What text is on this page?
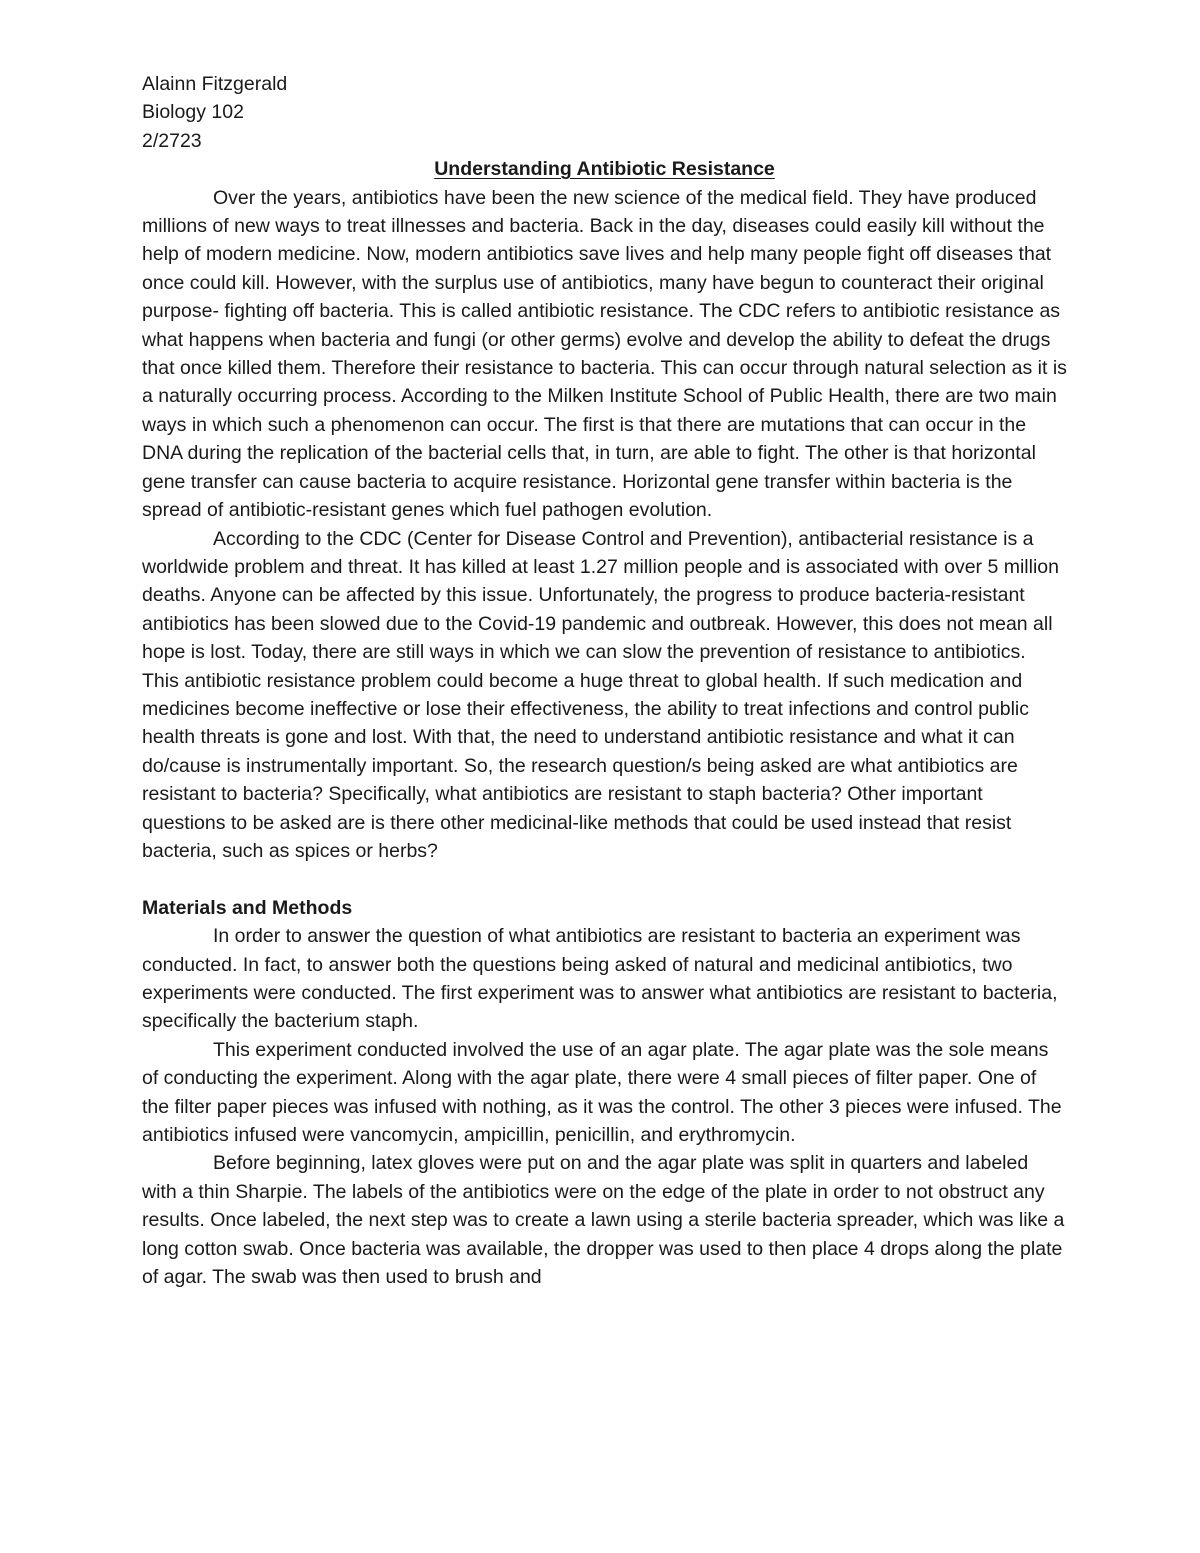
Alainn Fitzgerald

Biology 102

2/2723

Understanding Antibiotic Resistance

Over the years, antibiotics have been the new science of the medical field. They have produced millions of new ways to treat illnesses and bacteria. Back in the day, diseases could easily kill without the help of modern medicine. Now, modern antibiotics save lives and help many people fight off diseases that once could kill. However, with the surplus use of antibiotics, many have begun to counteract their original purpose- fighting off bacteria. This is called antibiotic resistance. The CDC refers to antibiotic resistance as what happens when bacteria and fungi (or other germs) evolve and develop the ability to defeat the drugs that once killed them. Therefore their resistance to bacteria. This can occur through natural selection as it is a naturally occurring process. According to the Milken Institute School of Public Health, there are two main ways in which such a phenomenon can occur. The first is that there are mutations that can occur in the DNA during the replication of the bacterial cells that, in turn, are able to fight. The other is that horizontal gene transfer can cause bacteria to acquire resistance. Horizontal gene transfer within bacteria is the spread of antibiotic-resistant genes which fuel pathogen evolution.

According to the CDC (Center for Disease Control and Prevention), antibacterial resistance is a worldwide problem and threat. It has killed at least 1.27 million people and is associated with over 5 million deaths. Anyone can be affected by this issue. Unfortunately, the progress to produce bacteria-resistant antibiotics has been slowed due to the Covid-19 pandemic and outbreak. However, this does not mean all hope is lost. Today, there are still ways in which we can slow the prevention of resistance to antibiotics. This antibiotic resistance problem could become a huge threat to global health. If such medication and medicines become ineffective or lose their effectiveness, the ability to treat infections and control public health threats is gone and lost. With that, the need to understand antibiotic resistance and what it can do/cause is instrumentally important. So, the research question/s being asked are what antibiotics are resistant to bacteria? Specifically, what antibiotics are resistant to staph bacteria? Other important questions to be asked are is there other medicinal-like methods that could be used instead that resist bacteria, such as spices or herbs?

Materials and Methods

In order to answer the question of what antibiotics are resistant to bacteria an experiment was conducted. In fact, to answer both the questions being asked of natural and medicinal antibiotics, two experiments were conducted. The first experiment was to answer what antibiotics are resistant to bacteria, specifically the bacterium staph.

This experiment conducted involved the use of an agar plate. The agar plate was the sole means of conducting the experiment. Along with the agar plate, there were 4 small pieces of filter paper. One of the filter paper pieces was infused with nothing, as it was the control. The other 3 pieces were infused. The antibiotics infused were vancomycin, ampicillin, penicillin, and erythromycin.

Before beginning, latex gloves were put on and the agar plate was split in quarters and labeled with a thin Sharpie. The labels of the antibiotics were on the edge of the plate in order to not obstruct any results. Once labeled, the next step was to create a lawn using a sterile bacteria spreader, which was like a long cotton swab. Once bacteria was available, the dropper was used to then place 4 drops along the plate of agar. The swab was then used to brush and
